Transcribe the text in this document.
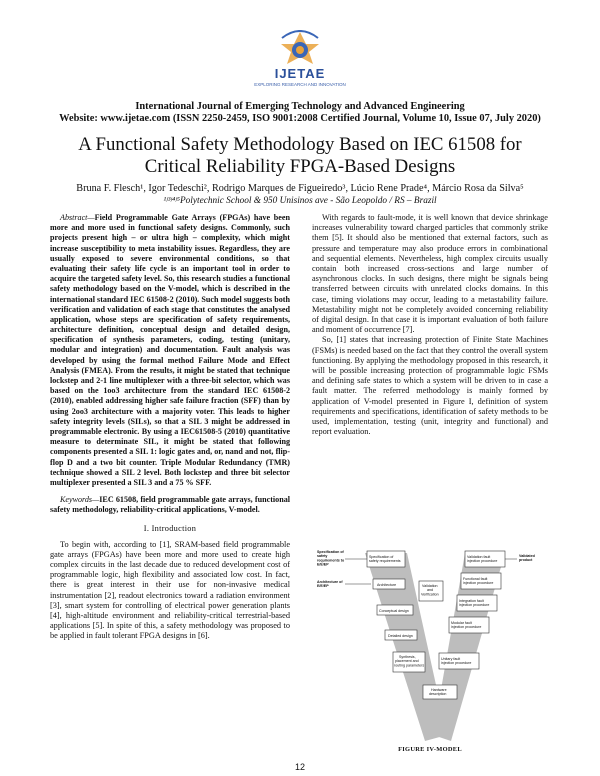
IJETAE
EXPLORING RESEARCH AND INNOVATION
International Journal of Emerging Technology and Advanced Engineering
Website: www.ijetae.com (ISSN 2250-2459, ISO 9001:2008 Certified Journal, Volume 10, Issue 07, July 2020)
A Functional Safety Methodology Based on IEC 61508 for
Critical Reliability FPGA-Based Designs
Bruna F. Flesch¹, Igor Tedeschi², Rodrigo Marques de Figueiredo³, Lúcio Rene Prade⁴, Márcio Rosa da Silva⁵
¹ʲ³ʲ⁴ʲ⁵Polytechnic School & 950 Unisinos ave - São Leopoldo / RS – Brazil

Abstract—Field Programmable Gate Arrays (FPGAs) have been more and more used in functional safety designs. Commonly, such projects present high – or ultra high – complexity, which might increase susceptibility to meta instability issues. Regardless, they are usually exposed to severe environmental conditions, so that evaluating their safety life cycle is an important tool in order to acquire the targeted safety level. So, this research studies a functional safety methodology based on the V-model, which is described in the international standard IEC 61508-2 (2010). Such model suggests both verification and validation of each stage that constitutes the analysed application, whose steps are specification of safety requirements, architecture definition, conceptual design and detailed design, specification of synthesis parameters, coding, testing (unitary, modular and integration) and documentation. Fault analysis was developed by using the formal method Failure Mode and Effect Analysis (FMEA). From the results, it might be stated that technique lockstep and 2-1 line multiplexer with a three-bit selector, which was based on the 1oo3 architecture from the standard IEC 61508-2 (2010), enabled addressing higher safe failure fraction (SFF) than by using 2oo3 architecture with a majority voter. This leads to higher safety integrity levels (SILs), so that a SIL 3 might be addressed in programmable electronic. By using a IEC61508-5 (2010) quantitative measure to determinate SIL, it might be stated that following components presented a SIL 1: logic gates and, or, nand and not, flip-flop D and a two bit counter. Triple Modular Redundancy (TMR) technique showed a SIL 2 level. Both lockstep and three bit selector multiplexer presented a SIL 3 and a 75 % SFF.

Keywords—IEC 61508, field programmable gate arrays, functional safety methodology, reliability-critical applications, V-model.

I. Introduction

To begin with, according to [1], SRAM-based field programmable gate arrays (FPGAs) have been more and more used to create high complex circuits in the last decade due to reduced development cost of programmable logic, high flexibility and associated low cost. In fact, there is great interest in their use for non-invasive medical instrumentation [2], readout electronics toward a radiation environment [3], smart system for controlling of electrical power generation plants [4], high-altitude environment and reliability-critical terrestrial-based applications [5]. In spite of this, a safety methodology was proposed to be applied in fault tolerant FPGA designs in [6].

With regards to fault-mode, it is well known that device shrinkage increases vulnerability toward charged particles that commonly strike them [5]. It should also be mentioned that external factors, such as pressure and temperature may also produce errors in combinational and sequential elements. Nevertheless, high complex circuits usually contain both increased cross-sections and large number of asynchronous clocks. In such designs, there might be signals being transferred between circuits with unrelated clocks domains. In this case, timing violations may occur, leading to a metastability failure. Metastability might not be completely avoided concerning reliability of digital design. In that case it is important evaluation of both failure and moment of occurrence [7].

So, [1] states that increasing protection of Finite State Machines (FSMs) is needed based on the fact that they control the overall system functioning. By applying the methodology proposed in this research, it will be possible increasing protection of programmable logic FSMs and defining safe states to which a system will be driven to in case a fault matter. The referred methodology is mainly formed by application of V-model presented in Figure I, definition of system requirements and specifications, identification of safety methods to be used, implementation, testing (unit, integrity and functional) and report evaluation.

Specification of safety requirements to E/E/EP
Architecture of E/E/EP
Specification of safety requirements
Architecture
Conceptual design
Detailed design
Synthesis, placement and routing parameters
Hardware description
Validation and Verification
Validation fault injection procedure
Functional fault injection procedure
Integration fault injection procedure
Modular fault injection procedure
Unitary fault injection procedure
Validated product
FIGURE IV-MODEL
12
